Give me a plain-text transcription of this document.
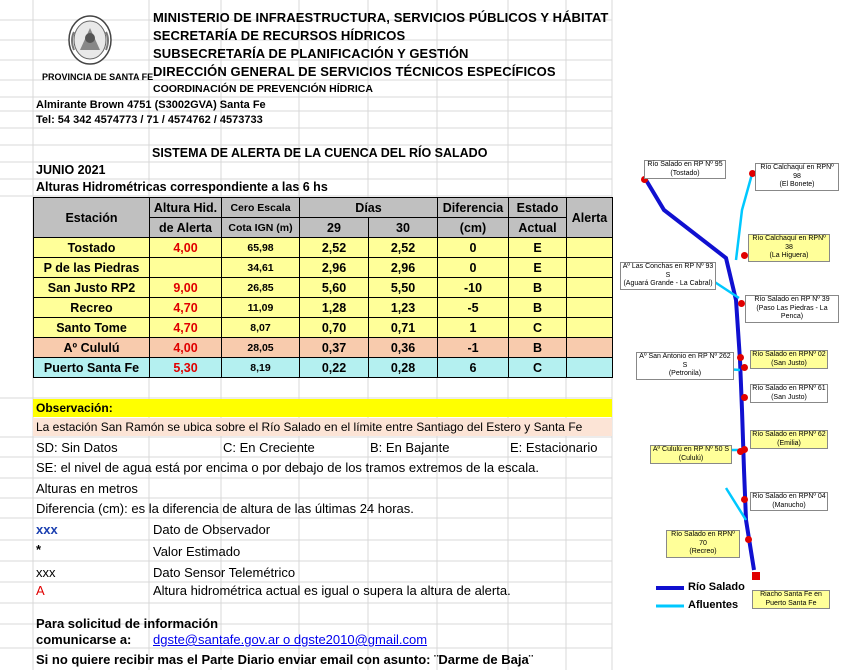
PROVINCIA DE SANTA FE
MINISTERIO DE INFRAESTRUCTURA, SERVICIOS PÚBLICOS Y HÁBITAT
SECRETARÍA DE RECURSOS HÍDRICOS
SUBSECRETARÍA DE PLANIFICACIÓN Y GESTIÓN
DIRECCIÓN GENERAL DE SERVICIOS TÉCNICOS ESPECÍFICOS
COORDINACIÓN DE PREVENCIÓN HÍDRICA
Almirante Brown 4751 (S3002GVA) Santa Fe
Tel: 54 342 4574773 / 71 / 4574762 / 4573733
SISTEMA DE ALERTA DE LA CUENCA DEL RÍO SALADO
JUNIO 2021
Alturas Hidrométricas correspondiente a las 6 hs
Estación	Altura Hid.	Cero Escala	Días		Diferencia	Estado	Alerta
	de Alerta	Cota IGN (m)	29	30	(cm)	Actual	
Tostado	4,00	65,98	2,52	2,52	0	E	
P de las Piedras		34,61	2,96	2,96	0	E	
San Justo RP2	9,00	26,85	5,60	5,50	-10	B	
Recreo	4,70	11,09	1,28	1,23	-5	B	
Santo Tome	4,70	8,07	0,70	0,71	1	C	
Aº Cululú	4,00	28,05	0,37	0,36	-1	B	
Puerto Santa Fe	5,30	8,19	0,22	0,28	6	C	
Observación:
La estación San Ramón se ubica sobre el Río Salado en el límite entre Santiago del Estero y Santa Fe
SD: Sin Datos	C: En Creciente	B: En Bajante	E: Estacionario
SE: el nivel de agua está por encima o por debajo de los tramos extremos de la escala.
Alturas en metros
Diferencia (cm): es la diferencia de altura de las últimas 24 horas.
xxx	Dato de Observador
*	Valor Estimado
xxx	Dato Sensor Telemétrico
A	Altura hidrométrica actual es igual o supera la altura de alerta.
Para solicitud de información
comunicarse a: dgste@santafe.gov.ar o dgste2010@gmail.com
Si no quiere recibir mas el Parte Diario enviar email con asunto: ¨Darme de Baja¨
Río Salado
Afluentes
Río Salado en RP Nº 95
(Tostado)
Río Calchaquí en RPNº 98
(El Bonete)
Río Calchaquí en RPNº 38
(La Higuera)
Aº Las Conchas en RP Nº 93 S
(Aguará Grande - La Cabral)
Río Salado en RP Nº 39
(Paso Las Piedras - La Penca)
Aº San Antonio en RP Nº 262 S
(Petronila)
Río Salado en RPNº 02
(San Justo)
Río Salado en RPNº 61
(San Justo)
Aº Cululú en RP Nº 50 S
(Cululú)
Río Salado en RPNº 62
(Emilia)
Río Salado en RPNº 04
(Manucho)
Río Salado en RPNº 70
(Recreo)
Riacho Santa Fe en
Puerto Santa Fe
